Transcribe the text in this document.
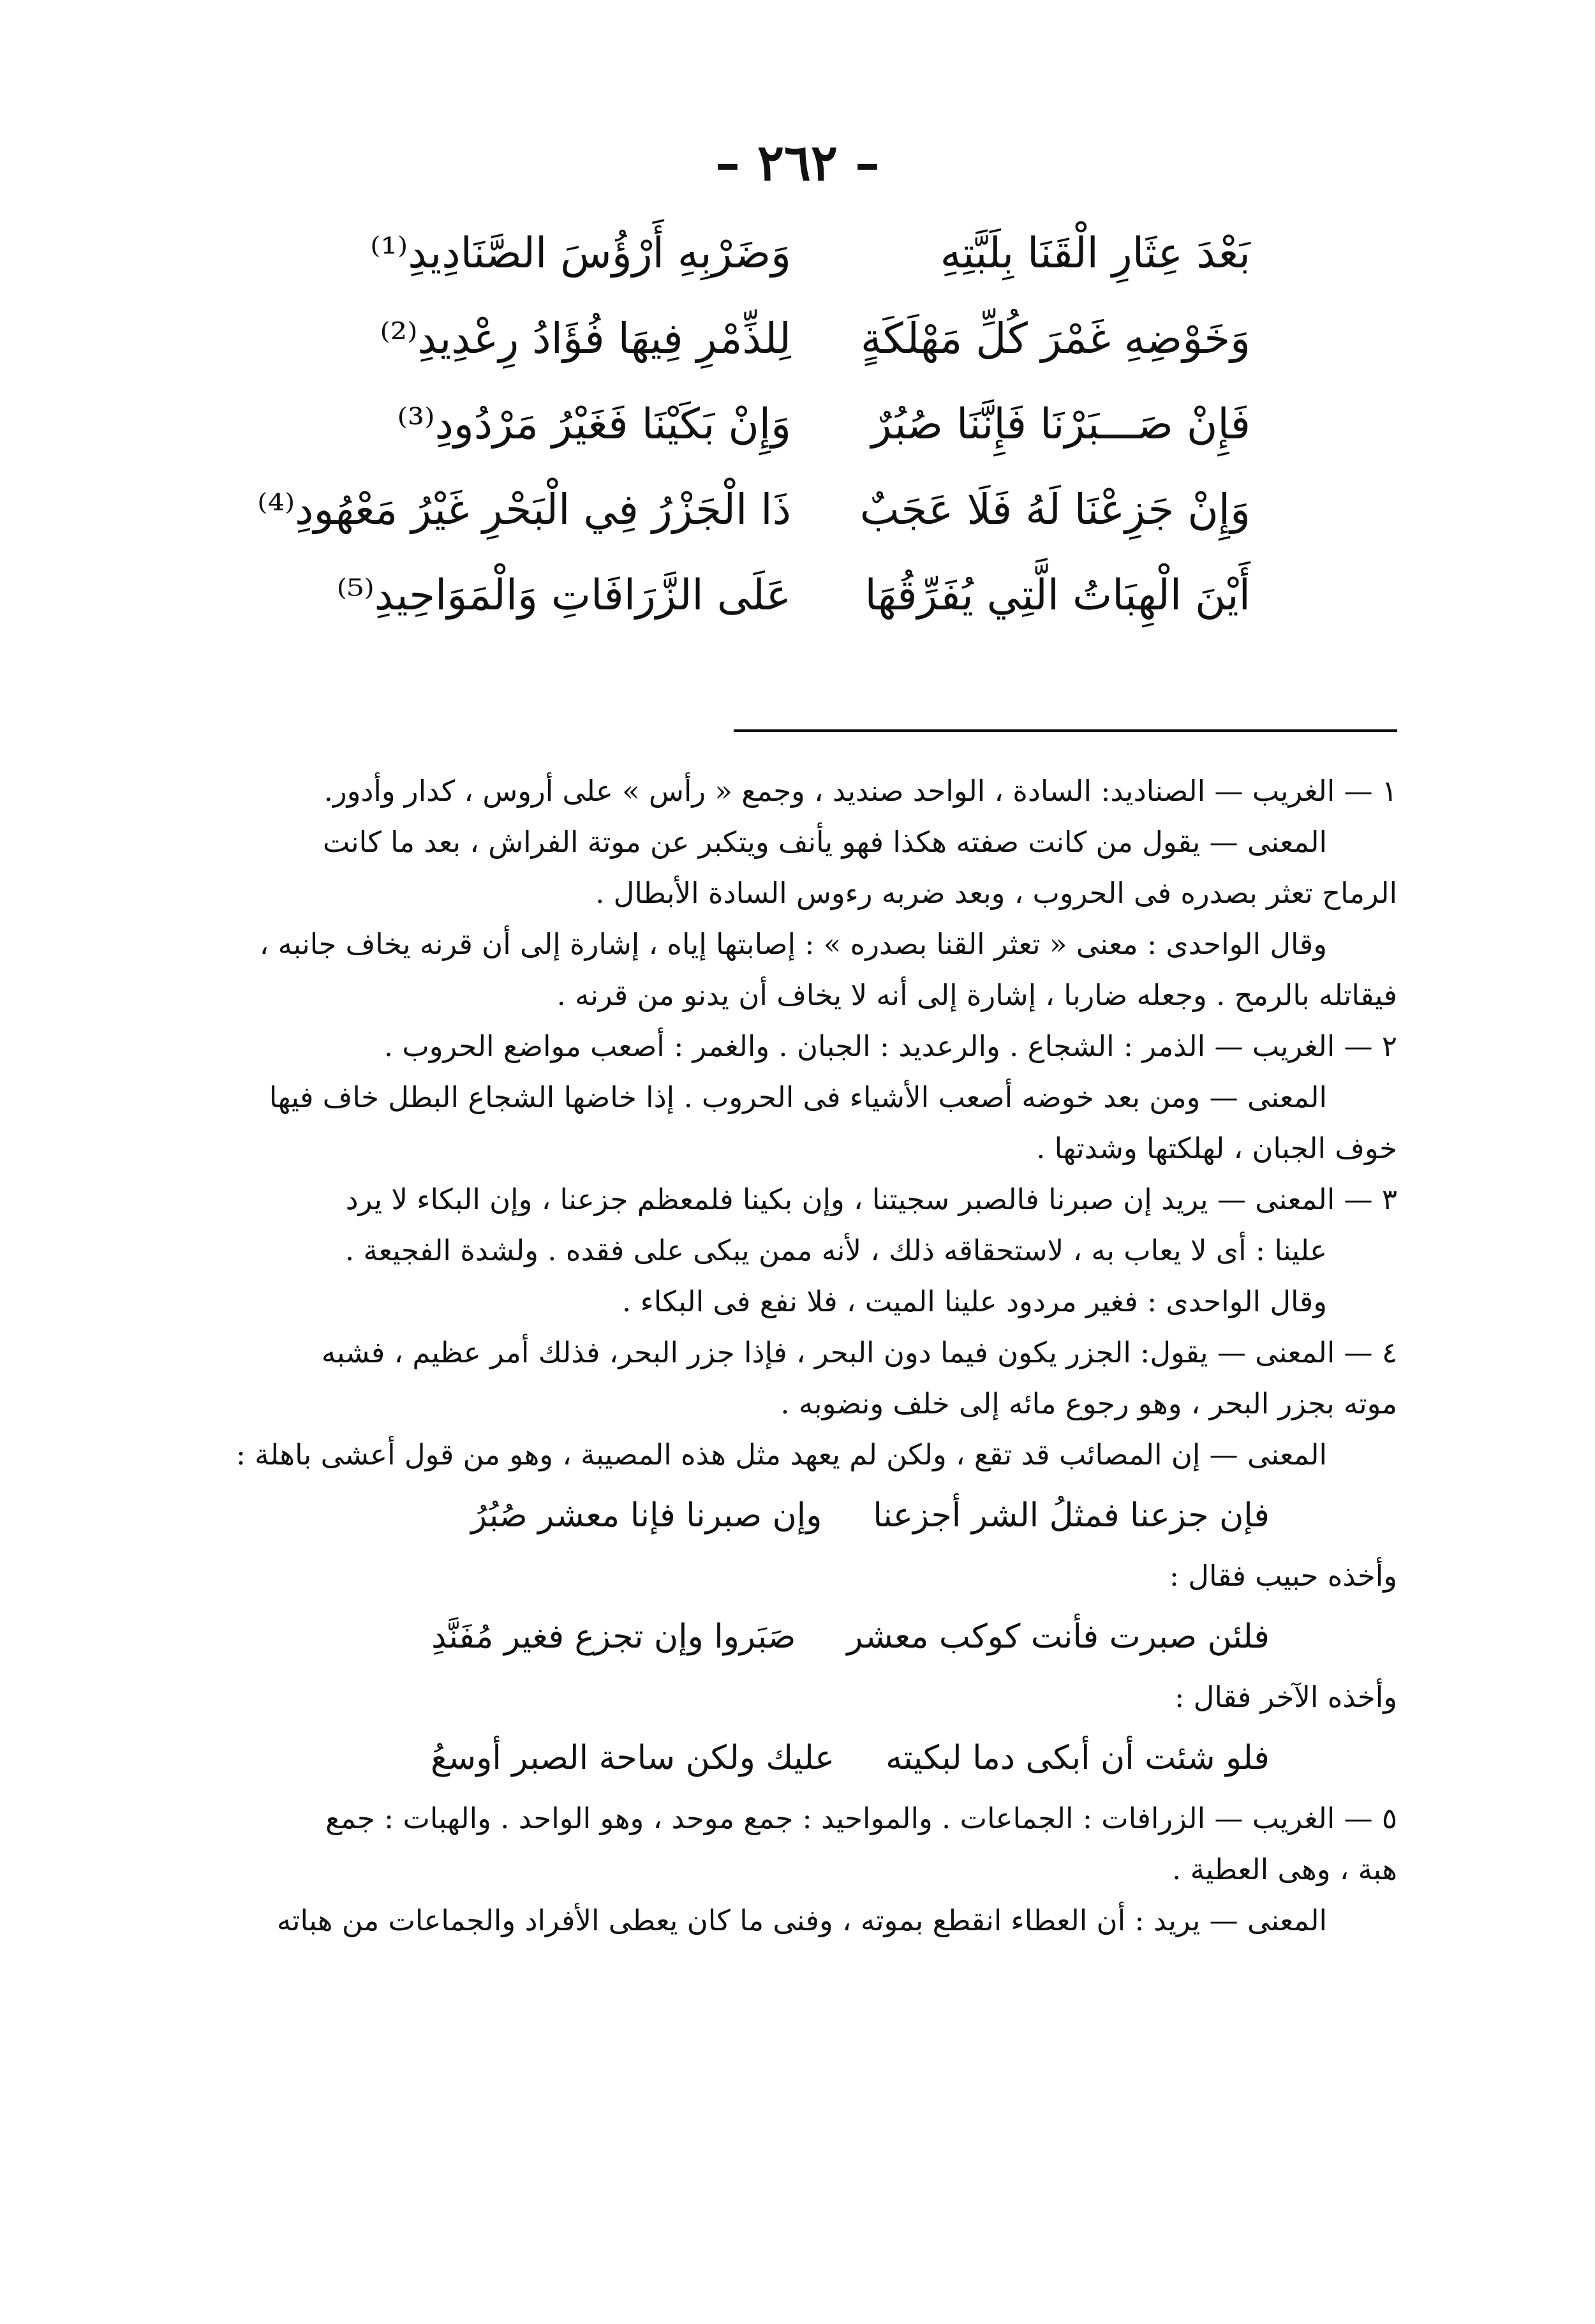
– ٢٦٢ –
بَعْدَ عِثَارِ الْقَنَا بِلَبَّتِهِ
وَضَرْبِهِ أَرْؤُسَ الصَّنَادِيدِ⁽¹⁾
وَخَوْضِهِ غَمْرَ كُلِّ مَهْلَكَةٍ
لِلذِّمْرِ فِيهَا فُؤَادُ رِعْدِيدِ⁽²⁾
فَإِنْ صَـــبَرْنَا فَإِنَّنَا صُبُرٌ
وَإِنْ بَكَيْنَا فَغَيْرُ مَرْدُودِ⁽³⁾
وَإِنْ جَزِعْنَا لَهُ فَلَا عَجَبٌ
ذَا الْجَزْرُ فِي الْبَحْرِ غَيْرُ مَعْهُودِ⁽⁴⁾
أَيْنَ الْهِبَاتُ الَّتِي يُفَرِّقُهَا
عَلَى الزَّرَافَاتِ وَالْمَوَاحِيدِ⁽⁵⁾
١ — الغريب — الصناديد: السادة ، الواحد صنديد ، وجمع « رأس » على أروس ، كدار وأدور.
المعنى — يقول من كانت صفته هكذا فهو يأنف ويتكبر عن موتة الفراش ، بعد ما كانت
الرماح تعثر بصدره فى الحروب ، وبعد ضربه رءوس السادة الأبطال .
وقال الواحدى : معنى « تعثر القنا بصدره » : إصابتها إياه ، إشارة إلى أن قرنه يخاف جانبه ،
فيقاتله بالرمح . وجعله ضاربا ، إشارة إلى أنه لا يخاف أن يدنو من قرنه .
٢ — الغريب — الذمر : الشجاع . والرعديد : الجبان . والغمر : أصعب مواضع الحروب .
المعنى — ومن بعد خوضه أصعب الأشياء فى الحروب . إذا خاضها الشجاع البطل خاف فيها
خوف الجبان ، لهلكتها وشدتها .
٣ — المعنى — يريد إن صبرنا فالصبر سجيتنا ، وإن بكينا فلمعظم جزعنا ، وإن البكاء لا يرد
علينا : أى لا يعاب به ، لاستحقاقه ذلك ، لأنه ممن يبكى على فقده . ولشدة الفجيعة .
وقال الواحدى : فغير مردود علينا الميت ، فلا نفع فى البكاء .
٤ — المعنى — يقول: الجزر يكون فيما دون البحر ، فإذا جزر البحر، فذلك أمر عظيم ، فشبه
موته بجزر البحر ، وهو رجوع مائه إلى خلف ونضوبه .
المعنى — إن المصائب قد تقع ، ولكن لم يعهد مثل هذه المصيبة ، وهو من قول أعشى باهلة :
فإن جزعنا فمثلُ الشر أجزعنا
وإن صبرنا فإنا معشر صُبُرُ
وأخذه حبيب فقال :
فلئن صبرت فأنت كوكب معشر
صَبَروا وإن تجزع فغير مُفَنَّدِ
وأخذه الآخر فقال :
فلو شئت أن أبكى دما لبكيته
عليك ولكن ساحة الصبر أوسعُ
٥ — الغريب — الزرافات : الجماعات . والمواحيد : جمع موحد ، وهو الواحد . والهبات : جمع
هبة ، وهى العطية .
المعنى — يريد : أن العطاء انقطع بموته ، وفنى ما كان يعطى الأفراد والجماعات من هباته
